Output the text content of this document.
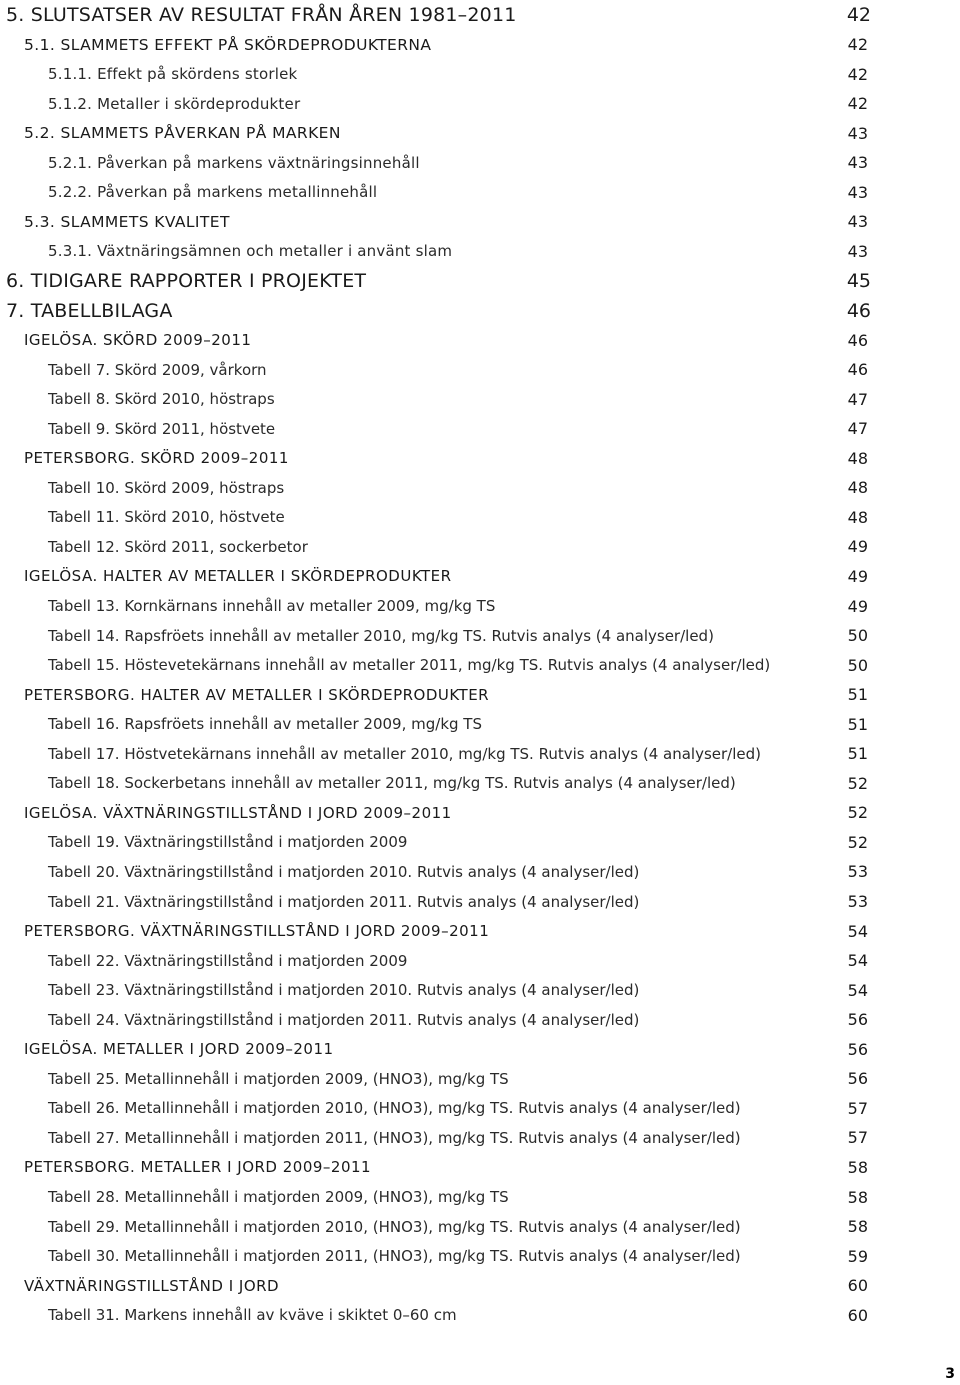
5. SLUTSATSER AV RESULTAT FRÅN ÅREN 1981–2011	42
5.1. SLAMMETS EFFEKT PÅ SKÖRDEPRODUKTERNA	42
5.1.1. Effekt på skördens storlek	42
5.1.2. Metaller i skördeprodukter	42
5.2. SLAMMETS PÅVERKAN PÅ MARKEN	43
5.2.1. Påverkan på markens växtnäringsinnehåll	43
5.2.2. Påverkan på markens metallinnehåll	43
5.3. SLAMMETS KVALITET	43
5.3.1. Växtnäringsämnen och metaller i använt slam	43
6. TIDIGARE RAPPORTER I PROJEKTET	45
7. TABELLBILAGA	46
IGELÖSA. SKÖRD 2009–2011	46
Tabell 7. Skörd 2009, vårkorn	46
Tabell 8. Skörd 2010, höstraps	47
Tabell 9. Skörd 2011, höstvete	47
PETERSBORG. SKÖRD 2009–2011	48
Tabell 10. Skörd 2009, höstraps	48
Tabell 11. Skörd 2010, höstvete	48
Tabell 12. Skörd 2011, sockerbetor	49
IGELÖSA. HALTER AV METALLER I SKÖRDEPRODUKTER	49
Tabell 13. Kornkärnans innehåll av metaller 2009, mg/kg TS	49
Tabell 14. Rapsfröets innehåll av metaller 2010, mg/kg TS. Rutvis analys (4 analyser/led)	50
Tabell 15. Höstevetekärnans innehåll av metaller 2011, mg/kg TS. Rutvis analys (4 analyser/led)	50
PETERSBORG. HALTER AV METALLER I SKÖRDEPRODUKTER	51
Tabell 16. Rapsfröets innehåll av metaller 2009, mg/kg TS	51
Tabell 17. Höstvetekärnans innehåll av metaller 2010, mg/kg TS. Rutvis analys (4 analyser/led)	51
Tabell 18. Sockerbetans innehåll av metaller 2011, mg/kg TS. Rutvis analys (4 analyser/led)	52
IGELÖSA. VÄXTNÄRINGSTILLSTÅND I JORD 2009–2011	52
Tabell 19. Växtnäringstillstånd i matjorden 2009	52
Tabell 20. Växtnäringstillstånd i matjorden 2010. Rutvis analys (4 analyser/led)	53
Tabell 21. Växtnäringstillstånd i matjorden 2011. Rutvis analys (4 analyser/led)	53
PETERSBORG. VÄXTNÄRINGSTILLSTÅND I JORD 2009–2011	54
Tabell 22. Växtnäringstillstånd i matjorden 2009	54
Tabell 23. Växtnäringstillstånd i matjorden 2010. Rutvis analys (4 analyser/led)	54
Tabell 24. Växtnäringstillstånd i matjorden 2011. Rutvis analys (4 analyser/led)	56
IGELÖSA. METALLER I JORD 2009–2011	56
Tabell 25. Metallinnehåll i matjorden 2009, (HNO3), mg/kg TS	56
Tabell 26. Metallinnehåll i matjorden 2010, (HNO3), mg/kg TS. Rutvis analys (4 analyser/led)	57
Tabell 27. Metallinnehåll i matjorden 2011, (HNO3), mg/kg TS. Rutvis analys (4 analyser/led)	57
PETERSBORG. METALLER I JORD 2009–2011	58
Tabell 28. Metallinnehåll i matjorden 2009, (HNO3), mg/kg TS	58
Tabell 29. Metallinnehåll i matjorden 2010, (HNO3), mg/kg TS. Rutvis analys (4 analyser/led)	58
Tabell 30. Metallinnehåll i matjorden 2011, (HNO3), mg/kg TS. Rutvis analys (4 analyser/led)	59
VÄXTNÄRINGSTILLSTÅND I JORD	60
Tabell 31. Markens innehåll av kväve i skiktet 0–60 cm	60
3
